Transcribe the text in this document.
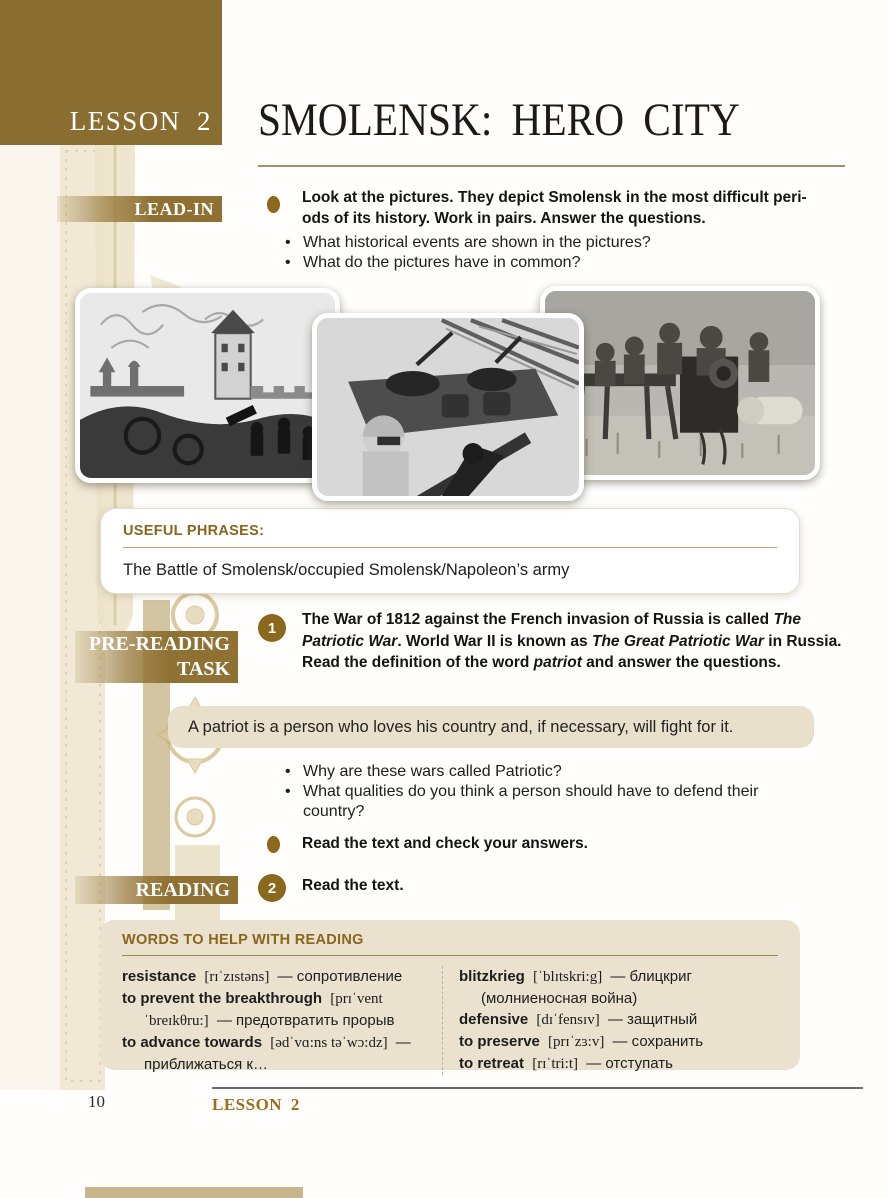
LESSON 2 SMOLENSK: HERO CITY
LEAD-IN
Look at the pictures. They depict Smolensk in the most difficult peri-
ods of its history. Work in pairs. Answer the questions.
•
What historical events are shown in the pictures?
•
What do the pictures have in common?
USEFUL PHRASES:
The Battle of Smolensk/occupied Smolensk/Napoleon’s army
PRE-READING
TASK
1 The War of 1812 against the French invasion of Russia is called The Patriotic War. World War II is known as The Great Patriotic War in Russia. Read the definition of the word patriot and answer the questions.
A patriot is a person who loves his country and, if necessary, will fight for it.
•
Why are these wars called Patriotic?
•
What qualities do you think a person should have to defend their country?
Read the text and check your answers.
READING	2 Read the text.
WORDS TO HELP WITH READING
resistance [rɪˈzɪstəns] — сопротивление
to prevent the breakthrough [prɪˈvent ˈbreɪkθru:] — предотвратить прорыв
to advance towards [ədˈvɑ:ns təˈwɔ:dz] — приближаться к…
blitzkrieg [ˈblɪtskri:g] — блицкриг (молниеносная война)
defensive [dɪˈfensɪv] — защитный
to preserve [prɪˈzɜ:v] — сохранить
to retreat [rɪˈtri:t] — отступать
10	LESSON 2
